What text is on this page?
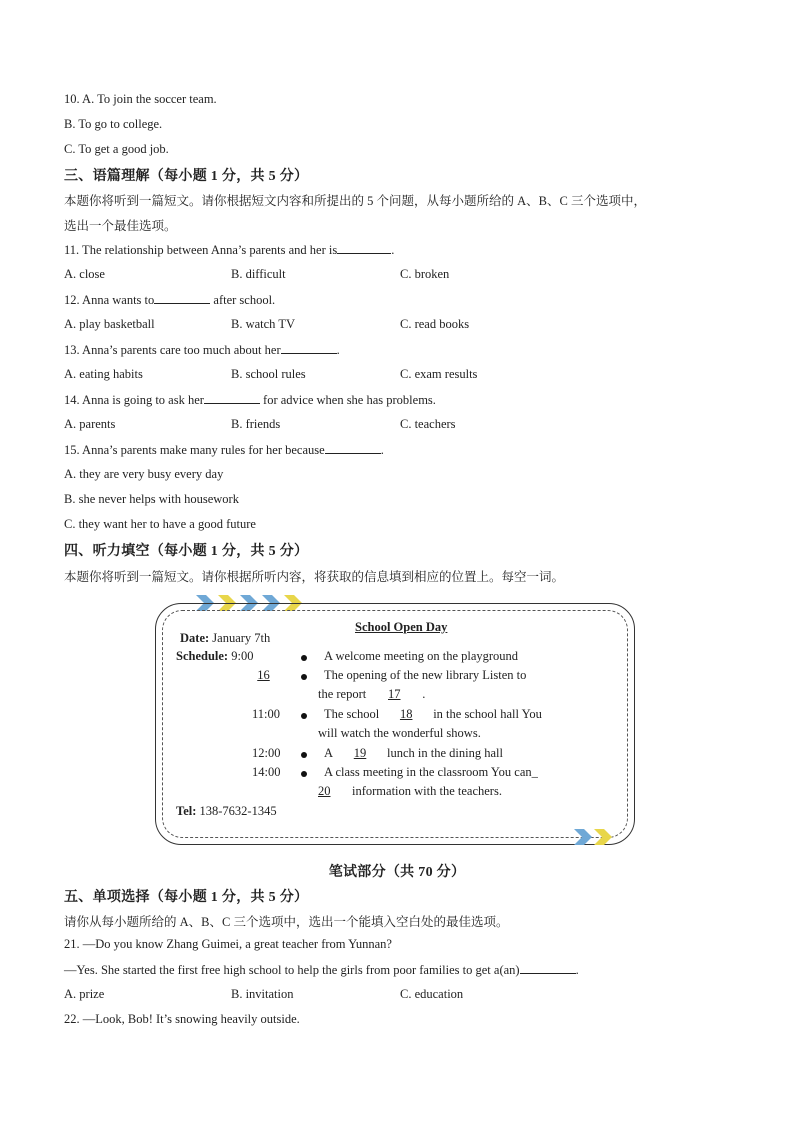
10. A. To join the soccer team.
B. To go to college.
C. To get a good job.
三、语篇理解（每小题 1 分，共 5 分）
本题你将听到一篇短文。请你根据短文内容和所提出的 5 个问题，从每小题所给的 A、B、C 三个选项中，
选出一个最佳选项。
11. The relationship between Anna’s parents and her is	.
A. close	B. difficult	C. broken
12. Anna wants to	after school.
A. play basketball	B. watch TV	C. read books
13. Anna’s parents care too much about her	.
A. eating habits	B. school rules	C. exam results
14. Anna is going to ask her	for advice when she has problems.
A. parents	B. friends	C. teachers
15. Anna’s parents make many rules for her because	.
A. they are very busy every day
B. she never helps with housework
C. they want her to have a good future
四、听力填空（每小题 1 分，共 5 分）
本题你将听到一篇短文。请你根据所听内容，将获取的信息填到相应的位置上。每空一词。
School Open Day
Date: January 7th
Schedule: 9:00	A welcome meeting on the playground
16	The opening of the new library Listen to
the report 17 .
11:00	The school 18 in the school hall You
will watch the wonderful shows.
12:00	A 19 lunch in the dining hall
14:00	A class meeting in the classroom You can_
20 information with the teachers.
Tel: 138-7632-1345
笔试部分（共 70 分）
五、单项选择（每小题 1 分，共 5 分）
请你从每小题所给的 A、B、C 三个选项中，选出一个能填入空白处的最佳选项。
21. —Do you know Zhang Guimei, a great teacher from Yunnan?
—Yes. She started the first free high school to help the girls from poor families to get a(an)	.
A. prize	B. invitation	C. education
22. —Look, Bob! It’s snowing heavily outside.
